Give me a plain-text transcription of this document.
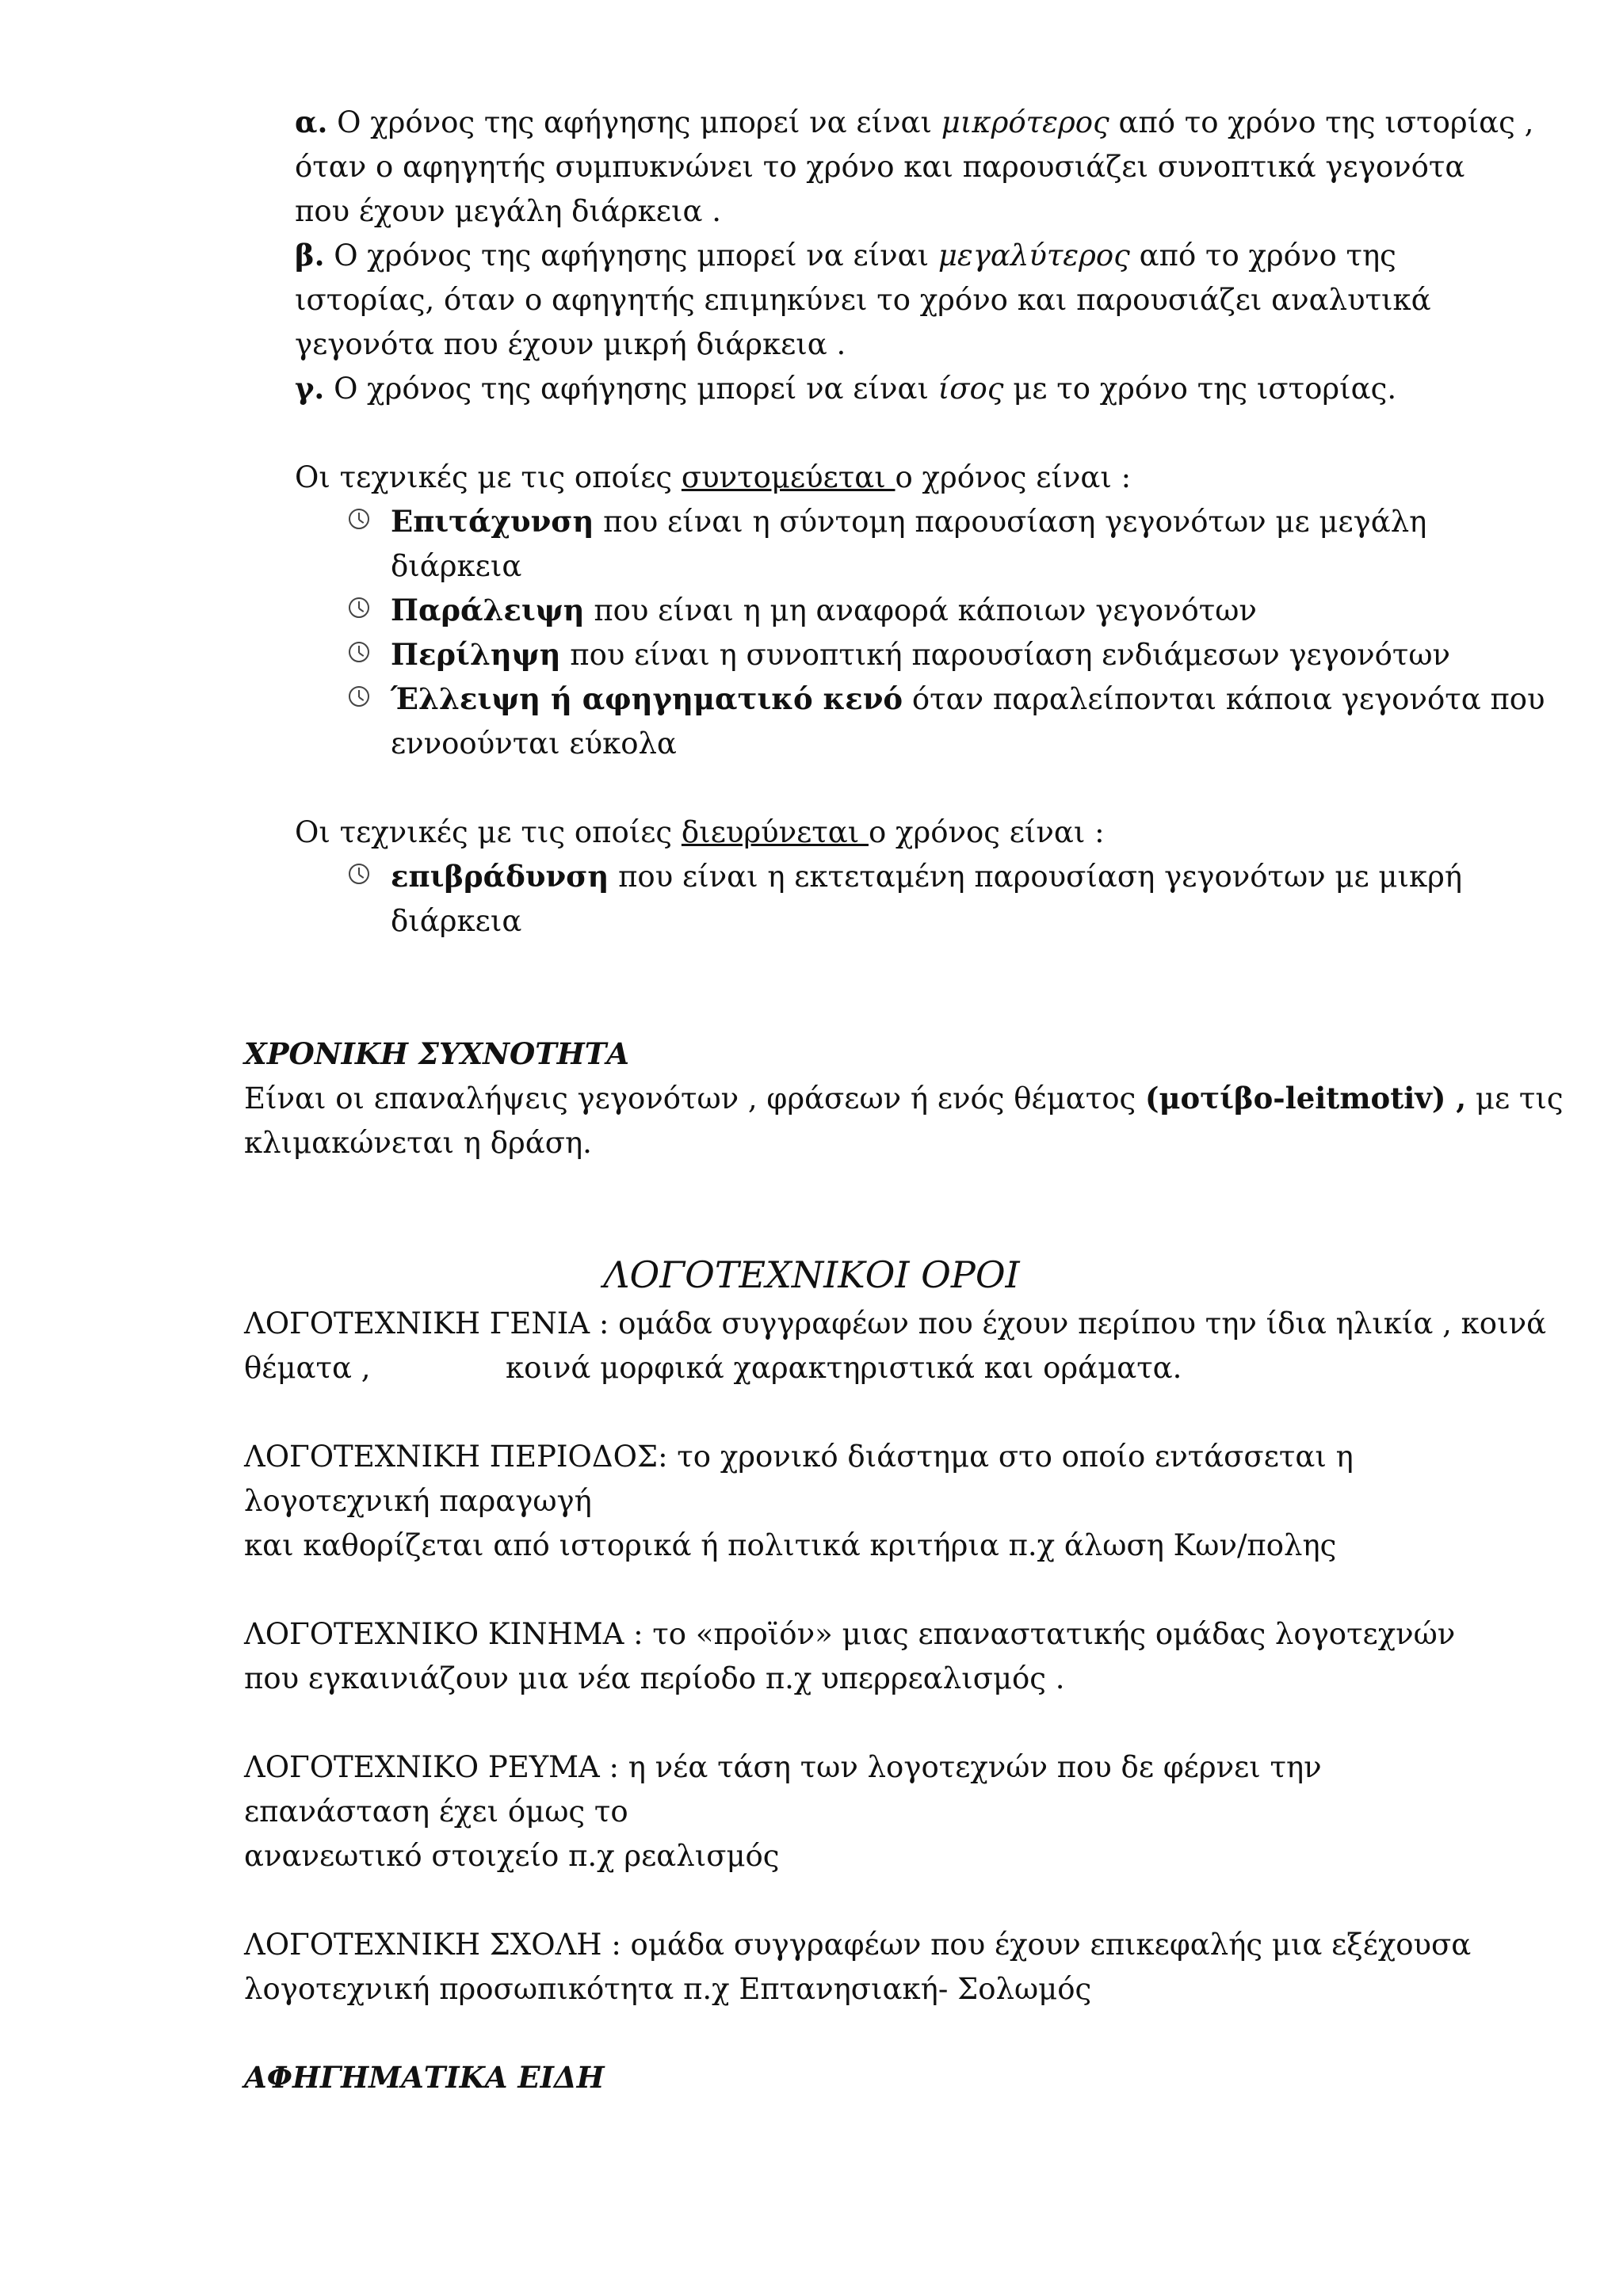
α. Ο χρόνος της αφήγησης μπορεί να είναι μικρότερος από το χρόνο της ιστορίας ,
όταν ο αφηγητής συμπυκνώνει το χρόνο και παρουσιάζει συνοπτικά γεγονότα
που έχουν μεγάλη διάρκεια .
β. Ο χρόνος της αφήγησης μπορεί να είναι μεγαλύτερος από το χρόνο της
ιστορίας, όταν ο αφηγητής επιμηκύνει το χρόνο και παρουσιάζει αναλυτικά
γεγονότα που έχουν μικρή διάρκεια .
γ. Ο χρόνος της αφήγησης μπορεί να είναι ίσος με το χρόνο της ιστορίας.
Οι τεχνικές με τις οποίες συντομεύεται ο χρόνος είναι :
Επιτάχυνση που είναι η σύντομη παρουσίαση γεγονότων με μεγάλη
διάρκεια
Παράλειψη που είναι η μη αναφορά κάποιων γεγονότων
Περίληψη που είναι η συνοπτική παρουσίαση ενδιάμεσων γεγονότων
Έλλειψη ή αφηγηματικό κενό όταν παραλείπονται κάποια γεγονότα που
εννοούνται εύκολα
Οι τεχνικές με τις οποίες διευρύνεται ο χρόνος είναι :
επιβράδυνση που είναι η εκτεταμένη παρουσίαση γεγονότων με μικρή
διάρκεια
ΧΡΟΝΙΚΗ ΣΥΧΝΟΤΗΤΑ
Είναι οι επαναλήψεις γεγονότων , φράσεων ή ενός θέματος (μοτίβο-leitmotiv) , με τις
κλιμακώνεται η δράση.
ΛΟΓΟΤΕΧΝΙΚΟΙ ΟΡΟΙ
ΛΟΓΟΤΕΧΝΙΚΗ ΓΕΝΙΑ : ομάδα συγγραφέων που έχουν περίπου την ίδια ηλικία , κοινά
θέματα ,	κοινά μορφικά χαρακτηριστικά και οράματα.
ΛΟΓΟΤΕΧΝΙΚΗ ΠΕΡΙΟΔΟΣ: το χρονικό διάστημα στο οποίο εντάσσεται η
λογοτεχνική παραγωγή
και καθορίζεται από ιστορικά ή πολιτικά κριτήρια π.χ άλωση Κων/πολης
ΛΟΓΟΤΕΧΝΙΚΟ ΚΙΝΗΜΑ : το «προϊόν» μιας επαναστατικής ομάδας λογοτεχνών
που εγκαινιάζουν μια νέα περίοδο π.χ υπερρεαλισμός .
ΛΟΓΟΤΕΧΝΙΚΟ ΡΕΥΜΑ : η νέα τάση των λογοτεχνών που δε φέρνει την
επανάσταση έχει όμως το
ανανεωτικό στοιχείο π.χ ρεαλισμός
ΛΟΓΟΤΕΧΝΙΚΗ ΣΧΟΛΗ : ομάδα συγγραφέων που έχουν επικεφαλής μια εξέχουσα
λογοτεχνική προσωπικότητα π.χ Επτανησιακή- Σολωμός
ΑΦΗΓΗΜΑΤΙΚΑ ΕΙΔΗ
